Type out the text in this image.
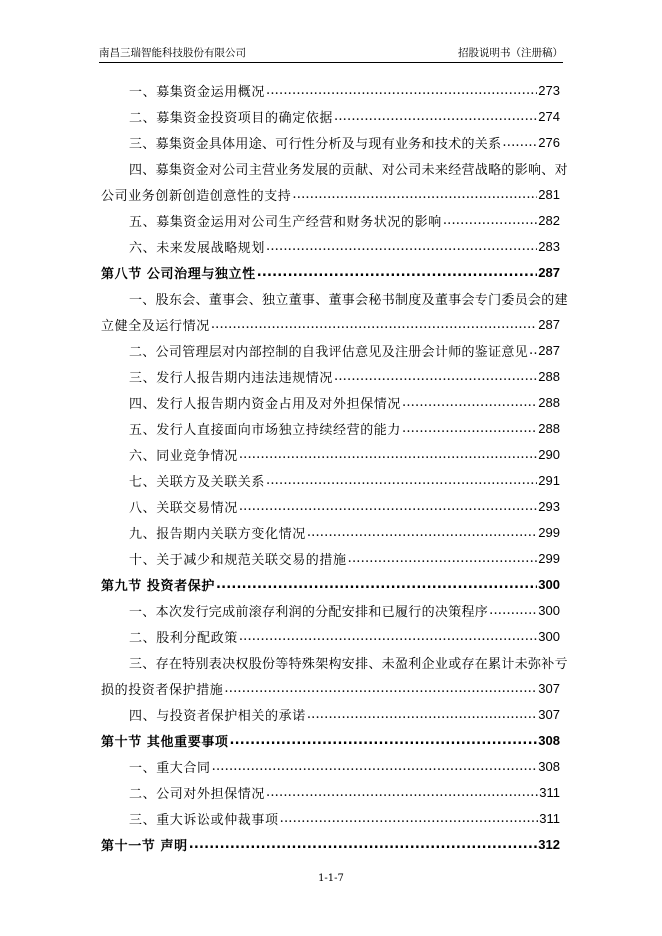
南昌三瑞智能科技股份有限公司	招股说明书（注册稿）
一、募集资金运用概况 .....	273
二、募集资金投资项目的确定依据 .....	274
三、募集资金具体用途、可行性分析及与现有业务和技术的关系 .....	276
四、募集资金对公司主营业务发展的贡献、对公司未来经营战略的影响、对
公司业务创新创造创意性的支持 .....	281
五、募集资金运用对公司生产经营和财务状况的影响 .....	282
六、未来发展战略规划 .....	283
第八节 公司治理与独立性 .....	287
一、股东会、董事会、独立董事、董事会秘书制度及董事会专门委员会的建
立健全及运行情况 .....	287
二、公司管理层对内部控制的自我评估意见及注册会计师的鉴证意见 ..... 287
三、发行人报告期内违法违规情况 .....	288
四、发行人报告期内资金占用及对外担保情况 .....	288
五、发行人直接面向市场独立持续经营的能力 .....	288
六、同业竞争情况 .....	290
七、关联方及关联关系 .....	291
八、关联交易情况 .....	293
九、报告期内关联方变化情况 .....	299
十、关于减少和规范关联交易的措施 .....	299
第九节 投资者保护 .....	300
一、本次发行完成前滚存利润的分配安排和已履行的决策程序 .....	300
二、股利分配政策 .....	300
三、存在特别表决权股份等特殊架构安排、未盈利企业或存在累计未弥补亏
损的投资者保护措施 .....	307
四、与投资者保护相关的承诺 .....	307
第十节 其他重要事项 .....	308
一、重大合同 .....	308
二、公司对外担保情况 .....	311
三、重大诉讼或仲裁事项 .....	311
第十一节 声明 .....	312
1-1-7
